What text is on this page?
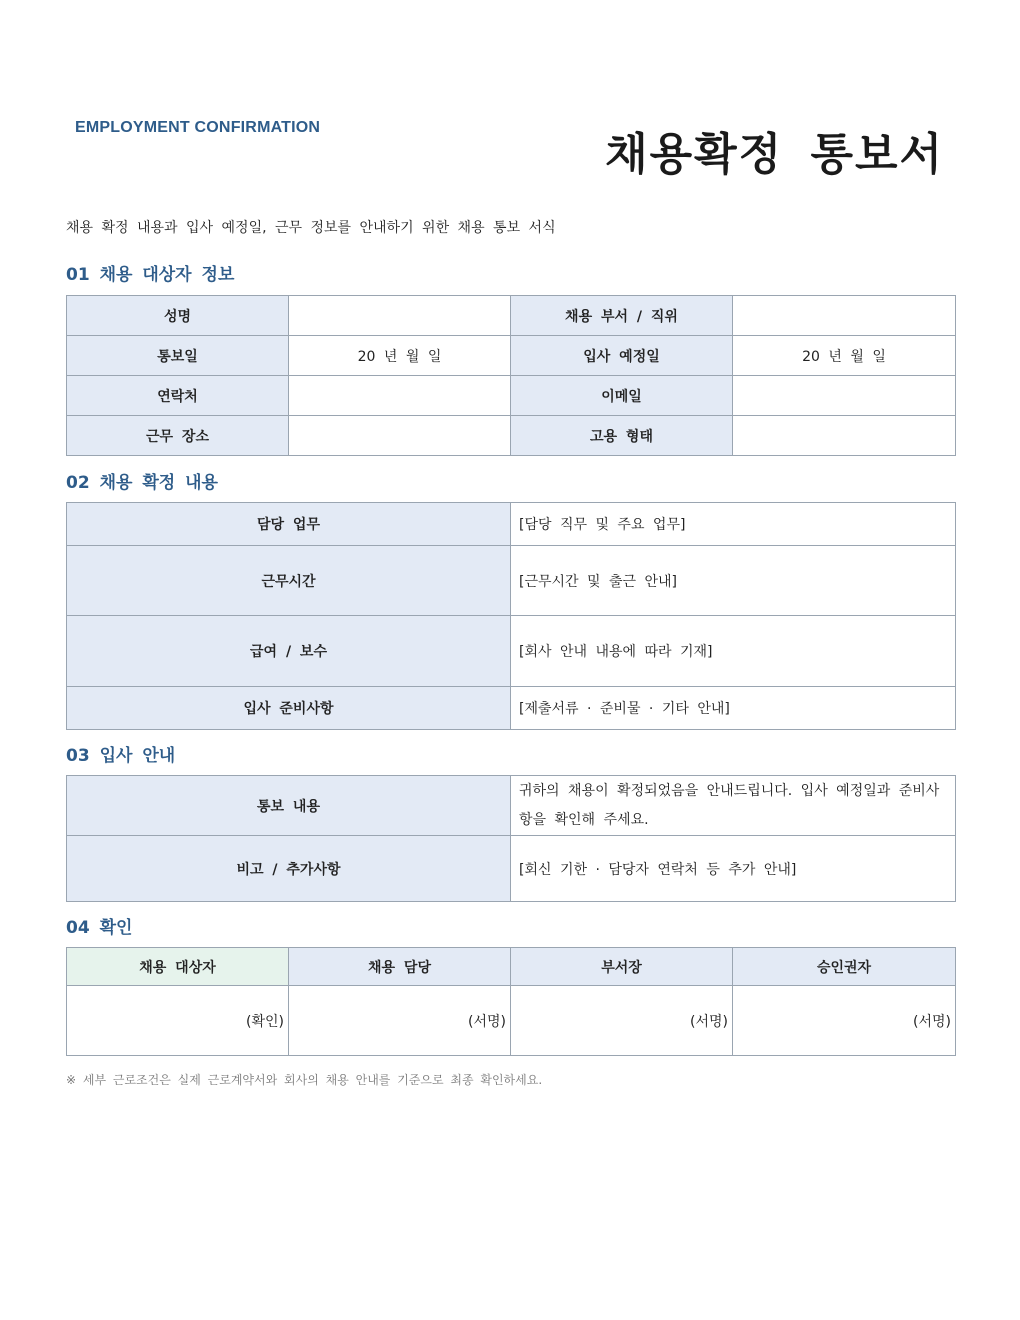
EMPLOYMENT CONFIRMATION
채용확정 통보서
채용 확정 내용과 입사 예정일, 근무 정보를 안내하기 위한 채용 통보 서식
01 채용 대상자 정보
성명		채용 부서 / 직위	
통보일	20 년 월 일	입사 예정일	20 년 월 일
연락처		이메일	
근무 장소		고용 형태	
02 채용 확정 내용
담당 업무	[담당 직무 및 주요 업무]
근무시간	[근무시간 및 출근 안내]
급여 / 보수	[회사 안내 내용에 따라 기재]
입사 준비사항	[제출서류 · 준비물 · 기타 안내]
03 입사 안내
통보 내용	귀하의 채용이 확정되었음을 안내드립니다. 입사 예정일과 준비사항을 확인해 주세요.
비고 / 추가사항	[회신 기한 · 담당자 연락처 등 추가 안내]
04 확인
채용 대상자	채용 담당	부서장	승인권자
(확인)	(서명)	(서명)	(서명)
※ 세부 근로조건은 실제 근로계약서와 회사의 채용 안내를 기준으로 최종 확인하세요.
